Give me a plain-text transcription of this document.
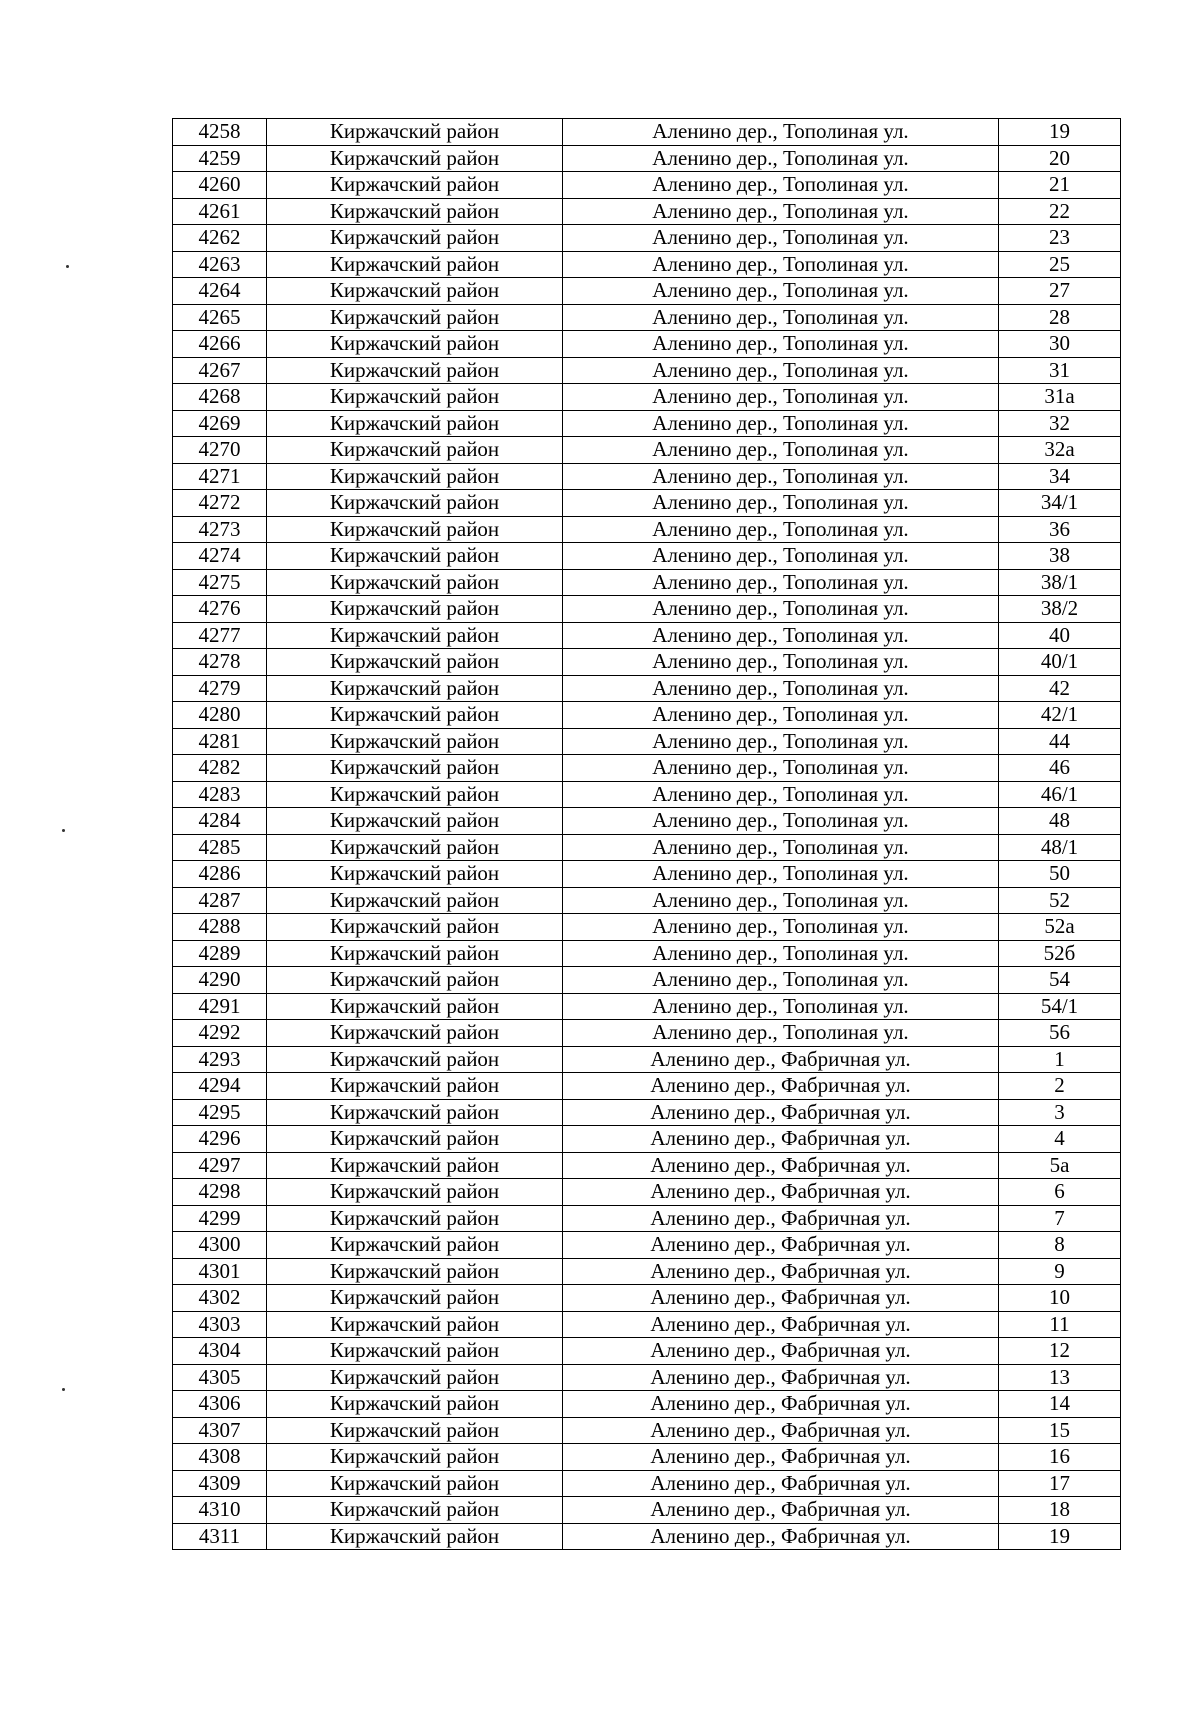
4258	Киржачский район	Аленино дер., Тополиная ул.	19
4259	Киржачский район	Аленино дер., Тополиная ул.	20
4260	Киржачский район	Аленино дер., Тополиная ул.	21
4261	Киржачский район	Аленино дер., Тополиная ул.	22
4262	Киржачский район	Аленино дер., Тополиная ул.	23
4263	Киржачский район	Аленино дер., Тополиная ул.	25
4264	Киржачский район	Аленино дер., Тополиная ул.	27
4265	Киржачский район	Аленино дер., Тополиная ул.	28
4266	Киржачский район	Аленино дер., Тополиная ул.	30
4267	Киржачский район	Аленино дер., Тополиная ул.	31
4268	Киржачский район	Аленино дер., Тополиная ул.	31а
4269	Киржачский район	Аленино дер., Тополиная ул.	32
4270	Киржачский район	Аленино дер., Тополиная ул.	32а
4271	Киржачский район	Аленино дер., Тополиная ул.	34
4272	Киржачский район	Аленино дер., Тополиная ул.	34/1
4273	Киржачский район	Аленино дер., Тополиная ул.	36
4274	Киржачский район	Аленино дер., Тополиная ул.	38
4275	Киржачский район	Аленино дер., Тополиная ул.	38/1
4276	Киржачский район	Аленино дер., Тополиная ул.	38/2
4277	Киржачский район	Аленино дер., Тополиная ул.	40
4278	Киржачский район	Аленино дер., Тополиная ул.	40/1
4279	Киржачский район	Аленино дер., Тополиная ул.	42
4280	Киржачский район	Аленино дер., Тополиная ул.	42/1
4281	Киржачский район	Аленино дер., Тополиная ул.	44
4282	Киржачский район	Аленино дер., Тополиная ул.	46
4283	Киржачский район	Аленино дер., Тополиная ул.	46/1
4284	Киржачский район	Аленино дер., Тополиная ул.	48
4285	Киржачский район	Аленино дер., Тополиная ул.	48/1
4286	Киржачский район	Аленино дер., Тополиная ул.	50
4287	Киржачский район	Аленино дер., Тополиная ул.	52
4288	Киржачский район	Аленино дер., Тополиная ул.	52а
4289	Киржачский район	Аленино дер., Тополиная ул.	52б
4290	Киржачский район	Аленино дер., Тополиная ул.	54
4291	Киржачский район	Аленино дер., Тополиная ул.	54/1
4292	Киржачский район	Аленино дер., Тополиная ул.	56
4293	Киржачский район	Аленино дер., Фабричная ул.	1
4294	Киржачский район	Аленино дер., Фабричная ул.	2
4295	Киржачский район	Аленино дер., Фабричная ул.	3
4296	Киржачский район	Аленино дер., Фабричная ул.	4
4297	Киржачский район	Аленино дер., Фабричная ул.	5а
4298	Киржачский район	Аленино дер., Фабричная ул.	6
4299	Киржачский район	Аленино дер., Фабричная ул.	7
4300	Киржачский район	Аленино дер., Фабричная ул.	8
4301	Киржачский район	Аленино дер., Фабричная ул.	9
4302	Киржачский район	Аленино дер., Фабричная ул.	10
4303	Киржачский район	Аленино дер., Фабричная ул.	11
4304	Киржачский район	Аленино дер., Фабричная ул.	12
4305	Киржачский район	Аленино дер., Фабричная ул.	13
4306	Киржачский район	Аленино дер., Фабричная ул.	14
4307	Киржачский район	Аленино дер., Фабричная ул.	15
4308	Киржачский район	Аленино дер., Фабричная ул.	16
4309	Киржачский район	Аленино дер., Фабричная ул.	17
4310	Киржачский район	Аленино дер., Фабричная ул.	18
4311	Киржачский район	Аленино дер., Фабричная ул.	19
